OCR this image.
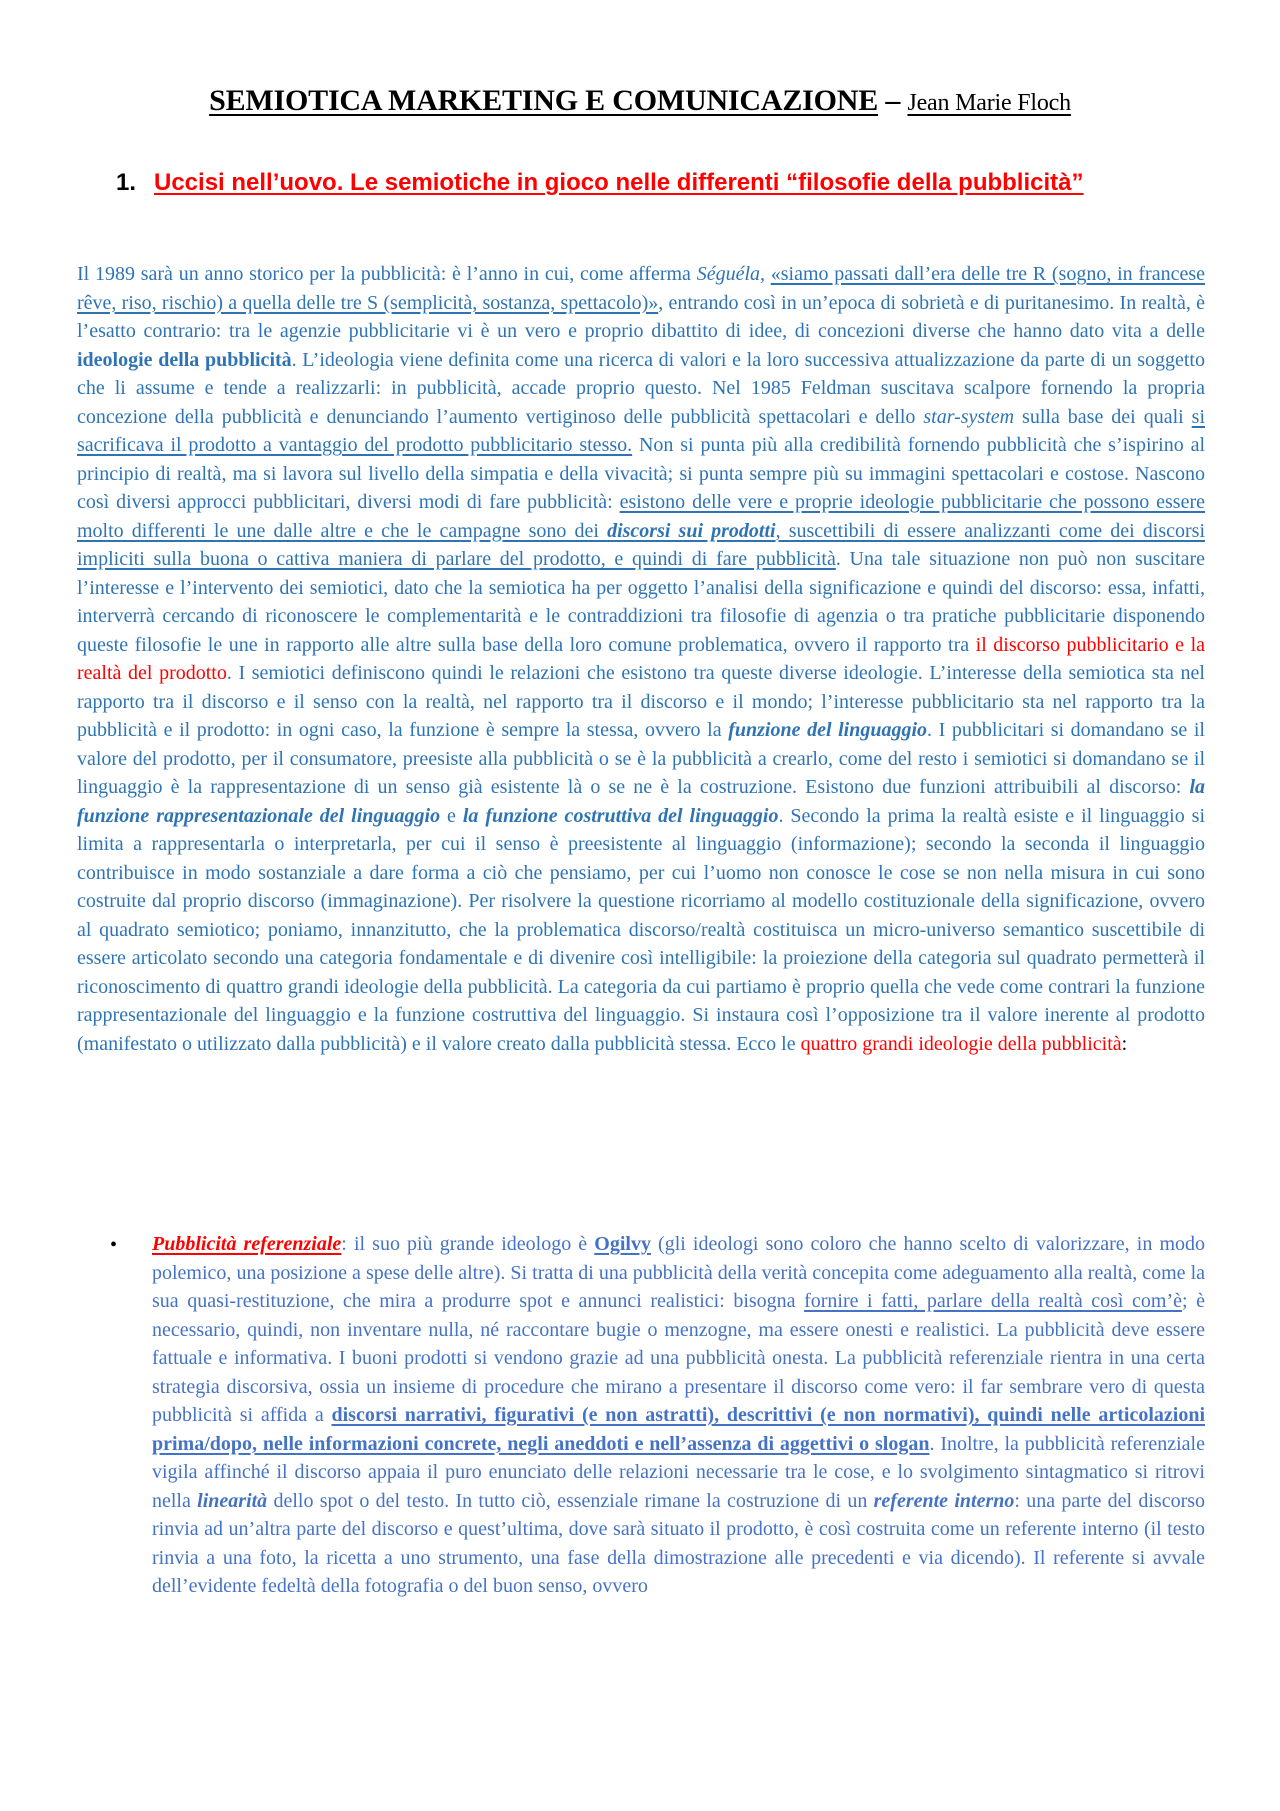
SEMIOTICA MARKETING E COMUNICAZIONE – Jean Marie Floch
1. Uccisi nell’uovo. Le semiotiche in gioco nelle differenti “filosofie della pubblicità”

Il 1989 sarà un anno storico per la pubblicità: è l’anno in cui, come afferma Séguéla, «siamo passati dall’era delle tre R (sogno, in francese rêve, riso, rischio) a quella delle tre S (semplicità, sostanza, spettacolo)», entrando così in un’epoca di sobrietà e di puritanesimo. In realtà, è l’esatto contrario: tra le agenzie pubblicitarie vi è un vero e proprio dibattito di idee, di concezioni diverse che hanno dato vita a delle ideologie della pubblicità. L’ideologia viene definita come una ricerca di valori e la loro successiva attualizzazione da parte di un soggetto che li assume e tende a realizzarli: in pubblicità, accade proprio questo. Nel 1985 Feldman suscitava scalpore fornendo la propria concezione della pubblicità e denunciando l’aumento vertiginoso delle pubblicità spettacolari e dello star-system sulla base dei quali si sacrificava il prodotto a vantaggio del prodotto pubblicitario stesso. Non si punta più alla credibilità fornendo pubblicità che s’ispirino al principio di realtà, ma si lavora sul livello della simpatia e della vivacità; si punta sempre più su immagini spettacolari e costose. Nascono così diversi approcci pubblicitari, diversi modi di fare pubblicità: esistono delle vere e proprie ideologie pubblicitarie che possono essere molto differenti le une dalle altre e che le campagne sono dei discorsi sui prodotti, suscettibili di essere analizzanti come dei discorsi impliciti sulla buona o cattiva maniera di parlare del prodotto, e quindi di fare pubblicità. Una tale situazione non può non suscitare l’interesse e l’intervento dei semiotici, dato che la semiotica ha per oggetto l’analisi della significazione e quindi del discorso: essa, infatti, interverrà cercando di riconoscere le complementarità e le contraddizioni tra filosofie di agenzia o tra pratiche pubblicitarie disponendo queste filosofie le une in rapporto alle altre sulla base della loro comune problematica, ovvero il rapporto tra il discorso pubblicitario e la realtà del prodotto. I semiotici definiscono quindi le relazioni che esistono tra queste diverse ideologie. L’interesse della semiotica sta nel rapporto tra il discorso e il senso con la realtà, nel rapporto tra il discorso e il mondo; l’interesse pubblicitario sta nel rapporto tra la pubblicità e il prodotto: in ogni caso, la funzione è sempre la stessa, ovvero la funzione del linguaggio. I pubblicitari si domandano se il valore del prodotto, per il consumatore, preesiste alla pubblicità o se è la pubblicità a crearlo, come del resto i semiotici si domandano se il linguaggio è la rappresentazione di un senso già esistente là o se ne è la costruzione. Esistono due funzioni attribuibili al discorso: la funzione rappresentazionale del linguaggio e la funzione costruttiva del linguaggio. Secondo la prima la realtà esiste e il linguaggio si limita a rappresentarla o interpretarla, per cui il senso è preesistente al linguaggio (informazione); secondo la seconda il linguaggio contribuisce in modo sostanziale a dare forma a ciò che pensiamo, per cui l’uomo non conosce le cose se non nella misura in cui sono costruite dal proprio discorso (immaginazione). Per risolvere la questione ricorriamo al modello costituzionale della significazione, ovvero al quadrato semiotico; poniamo, innanzitutto, che la problematica discorso/realtà costituisca un micro-universo semantico suscettibile di essere articolato secondo una categoria fondamentale e di divenire così intelligibile: la proiezione della categoria sul quadrato permetterà il riconoscimento di quattro grandi ideologie della pubblicità. La categoria da cui partiamo è proprio quella che vede come contrari la funzione rappresentazionale del linguaggio e la funzione costruttiva del linguaggio. Si instaura così l’opposizione tra il valore inerente al prodotto (manifestato o utilizzato dalla pubblicità) e il valore creato dalla pubblicità stessa. Ecco le quattro grandi ideologie della pubblicità:

• Pubblicità referenziale: il suo più grande ideologo è Ogilvy (gli ideologi sono coloro che hanno scelto di valorizzare, in modo polemico, una posizione a spese delle altre). Si tratta di una pubblicità della verità concepita come adeguamento alla realtà, come la sua quasi-restituzione, che mira a produrre spot e annunci realistici: bisogna fornire i fatti, parlare della realtà così com’è; è necessario, quindi, non inventare nulla, né raccontare bugie o menzogne, ma essere onesti e realistici. La pubblicità deve essere fattuale e informativa. I buoni prodotti si vendono grazie ad una pubblicità onesta. La pubblicità referenziale rientra in una certa strategia discorsiva, ossia un insieme di procedure che mirano a presentare il discorso come vero: il far sembrare vero di questa pubblicità si affida a discorsi narrativi, figurativi (e non astratti), descrittivi (e non normativi), quindi nelle articolazioni prima/dopo, nelle informazioni concrete, negli aneddoti e nell’assenza di aggettivi o slogan. Inoltre, la pubblicità referenziale vigila affinché il discorso appaia il puro enunciato delle relazioni necessarie tra le cose, e lo svolgimento sintagmatico si ritrovi nella linearità dello spot o del testo. In tutto ciò, essenziale rimane la costruzione di un referente interno: una parte del discorso rinvia ad un’altra parte del discorso e quest’ultima, dove sarà situato il prodotto, è così costruita come un referente interno (il testo rinvia a una foto, la ricetta a uno strumento, una fase della dimostrazione alle precedenti e via dicendo). Il referente si avvale dell’evidente fedeltà della fotografia o del buon senso, ovvero
